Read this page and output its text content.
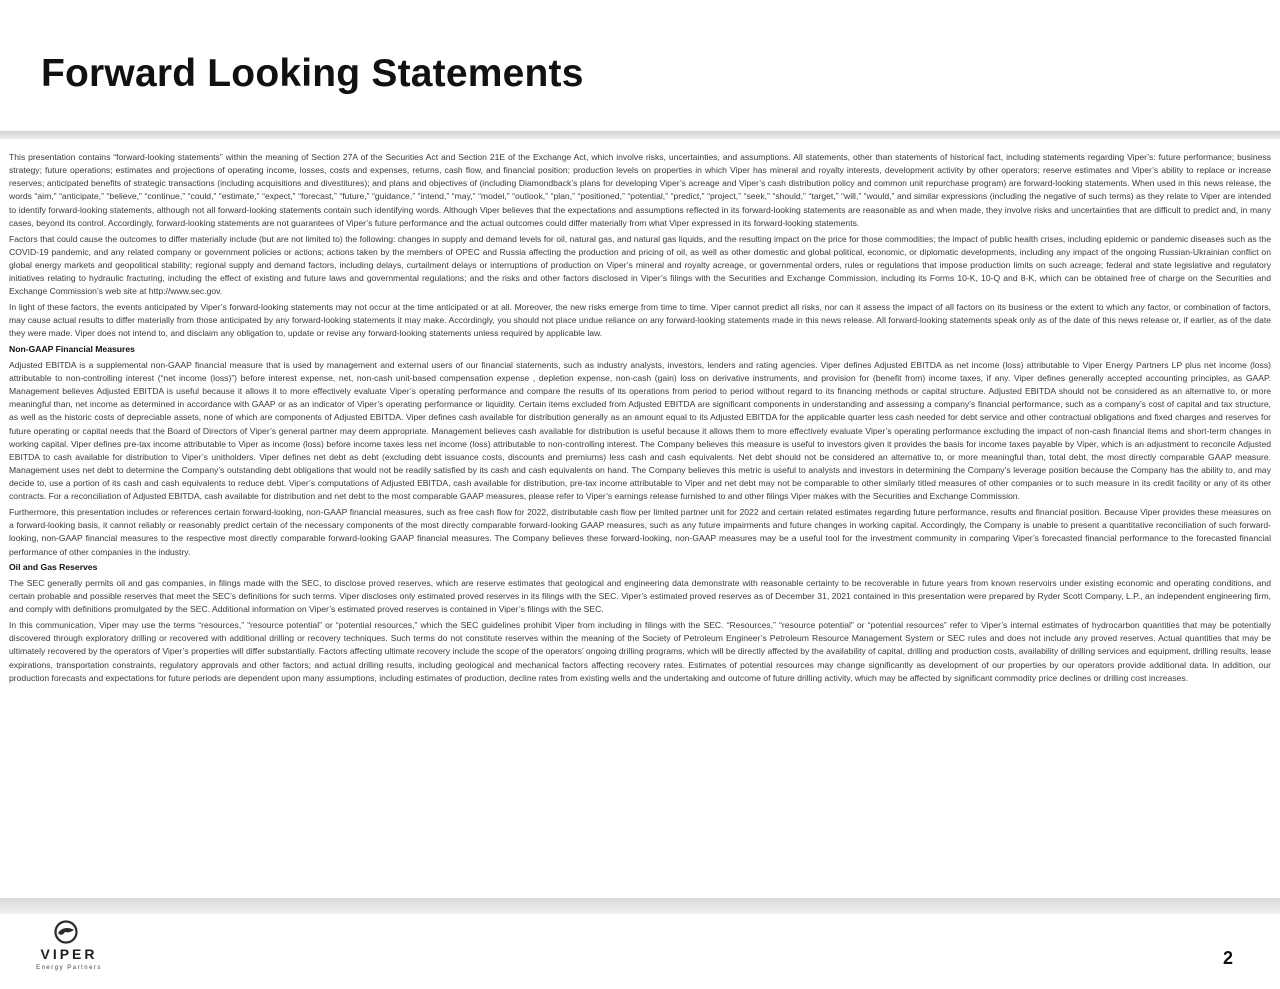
Forward Looking Statements

This presentation contains “forward-looking statements” within the meaning of Section 27A of the Securities Act and Section 21E of the Exchange Act, which involve risks, uncertainties, and assumptions. All statements, other than statements of historical fact, including statements regarding Viper’s: future performance; business strategy; future operations; estimates and projections of operating income, losses, costs and expenses, returns, cash flow, and financial position; production levels on properties in which Viper has mineral and royalty interests, development activity by other operators; reserve estimates and Viper’s ability to replace or increase reserves; anticipated benefits of strategic transactions (including acquisitions and divestitures); and plans and objectives of (including Diamondback’s plans for developing Viper’s acreage and Viper’s cash distribution policy and common unit repurchase program) are forward-looking statements. When used in this news release, the words “aim,” “anticipate,” “believe,” “continue,” “could,” “estimate,” “expect,” “forecast,” “future,” “guidance,” “intend,” “may,” “model,” “outlook,” “plan,” “positioned,” “potential,” “predict,” “project,” “seek,” “should,” “target,” “will,” “would,” and similar expressions (including the negative of such terms) as they relate to Viper are intended to identify forward-looking statements, although not all forward-looking statements contain such identifying words. Although Viper believes that the expectations and assumptions reflected in its forward-looking statements are reasonable as and when made, they involve risks and uncertainties that are difficult to predict and, in many cases, beyond its control. Accordingly, forward-looking statements are not guarantees of Viper’s future performance and the actual outcomes could differ materially from what Viper expressed in its forward-looking statements.

Factors that could cause the outcomes to differ materially include (but are not limited to) the following: changes in supply and demand levels for oil, natural gas, and natural gas liquids, and the resulting impact on the price for those commodities; the impact of public health crises, including epidemic or pandemic diseases such as the COVID-19 pandemic, and any related company or government policies or actions; actions taken by the members of OPEC and Russia affecting the production and pricing of oil, as well as other domestic and global political, economic, or diplomatic developments, including any impact of the ongoing Russian-Ukrainian conflict on global energy markets and geopolitical stability; regional supply and demand factors, including delays, curtailment delays or interruptions of production on Viper’s mineral and royalty acreage, or governmental orders, rules or regulations that impose production limits on such acreage; federal and state legislative and regulatory initiatives relating to hydraulic fracturing, including the effect of existing and future laws and governmental regulations; and the risks and other factors disclosed in Viper’s filings with the Securities and Exchange Commission, including its Forms 10-K, 10-Q and 8-K, which can be obtained free of charge on the Securities and Exchange Commission’s web site at http://www.sec.gov.

In light of these factors, the events anticipated by Viper’s forward-looking statements may not occur at the time anticipated or at all. Moreover, the new risks emerge from time to time. Viper cannot predict all risks, nor can it assess the impact of all factors on its business or the extent to which any factor, or combination of factors, may cause actual results to differ materially from those anticipated by any forward-looking statements it may make. Accordingly, you should not place undue reliance on any forward-looking statements made in this news release. All forward-looking statements speak only as of the date of this news release or, if earlier, as of the date they were made. Viper does not intend to, and disclaim any obligation to, update or revise any forward-looking statements unless required by applicable law.

Non-GAAP Financial Measures

Adjusted EBITDA is a supplemental non-GAAP financial measure that is used by management and external users of our financial statements, such as industry analysts, investors, lenders and rating agencies. Viper defines Adjusted EBITDA as net income (loss) attributable to Viper Energy Partners LP plus net income (loss) attributable to non-controlling interest (“net income (loss)”) before interest expense, net, non-cash unit-based compensation expense , depletion expense, non-cash (gain) loss on derivative instruments, and provision for (benefit from) income taxes, if any. Viper defines generally accepted accounting principles, as GAAP. Management believes Adjusted EBITDA is useful because it allows it to more effectively evaluate Viper’s operating performance and compare the results of its operations from period to period without regard to its financing methods or capital structure. Adjusted EBITDA should not be considered as an alternative to, or more meaningful than, net income as determined in accordance with GAAP or as an indicator of Viper’s operating performance or liquidity. Certain items excluded from Adjusted EBITDA are significant components in understanding and assessing a company’s financial performance, such as a company’s cost of capital and tax structure, as well as the historic costs of depreciable assets, none of which are components of Adjusted EBITDA. Viper defines cash available for distribution generally as an amount equal to its Adjusted EBITDA for the applicable quarter less cash needed for debt service and other contractual obligations and fixed charges and reserves for future operating or capital needs that the Board of Directors of Viper’s general partner may deem appropriate. Management believes cash available for distribution is useful because it allows them to more effectively evaluate Viper’s operating performance excluding the impact of non-cash financial items and short-term changes in working capital. Viper defines pre-tax income attributable to Viper as income (loss) before income taxes less net income (loss) attributable to non-controlling interest. The Company believes this measure is useful to investors given it provides the basis for income taxes payable by Viper, which is an adjustment to reconcile Adjusted EBITDA to cash available for distribution to Viper’s unitholders. Viper defines net debt as debt (excluding debt issuance costs, discounts and premiums) less cash and cash equivalents. Net debt should not be considered an alternative to, or more meaningful than, total debt, the most directly comparable GAAP measure. Management uses net debt to determine the Company’s outstanding debt obligations that would not be readily satisfied by its cash and cash equivalents on hand. The Company believes this metric is useful to analysts and investors in determining the Company’s leverage position because the Company has the ability to, and may decide to, use a portion of its cash and cash equivalents to reduce debt. Viper’s computations of Adjusted EBITDA, cash available for distribution, pre-tax income attributable to Viper and net debt may not be comparable to other similarly titled measures of other companies or to such measure in its credit facility or any of its other contracts. For a reconciliation of Adjusted EBITDA, cash available for distribution and net debt to the most comparable GAAP measures, please refer to Viper’s earnings release furnished to and other filings Viper makes with the Securities and Exchange Commission.

Furthermore, this presentation includes or references certain forward-looking, non-GAAP financial measures, such as free cash flow for 2022, distributable cash flow per limited partner unit for 2022 and certain related estimates regarding future performance, results and financial position. Because Viper provides these measures on a forward-looking basis, it cannot reliably or reasonably predict certain of the necessary components of the most directly comparable forward-looking GAAP measures, such as any future impairments and future changes in working capital. Accordingly, the Company is unable to present a quantitative reconciliation of such forward-looking, non-GAAP financial measures to the respective most directly comparable forward-looking GAAP financial measures. The Company believes these forward-looking, non-GAAP measures may be a useful tool for the investment community in comparing Viper’s forecasted financial performance to the forecasted financial performance of other companies in the industry.

Oil and Gas Reserves

The SEC generally permits oil and gas companies, in filings made with the SEC, to disclose proved reserves, which are reserve estimates that geological and engineering data demonstrate with reasonable certainty to be recoverable in future years from known reservoirs under existing economic and operating conditions, and certain probable and possible reserves that meet the SEC’s definitions for such terms. Viper discloses only estimated proved reserves in its filings with the SEC. Viper’s estimated proved reserves as of December 31, 2021 contained in this presentation were prepared by Ryder Scott Company, L.P., an independent engineering firm, and comply with definitions promulgated by the SEC. Additional information on Viper’s estimated proved reserves is contained in Viper’s filings with the SEC.

In this communication, Viper may use the terms “resources,” “resource potential” or “potential resources,” which the SEC guidelines prohibit Viper from including in filings with the SEC. “Resources,” “resource potential” or “potential resources” refer to Viper’s internal estimates of hydrocarbon quantities that may be potentially discovered through exploratory drilling or recovered with additional drilling or recovery techniques. Such terms do not constitute reserves within the meaning of the Society of Petroleum Engineer’s Petroleum Resource Management System or SEC rules and does not include any proved reserves. Actual quantities that may be ultimately recovered by the operators of Viper’s properties will differ substantially. Factors affecting ultimate recovery include the scope of the operators’ ongoing drilling programs, which will be directly affected by the availability of capital, drilling and production costs, availability of drilling services and equipment, drilling results, lease expirations, transportation constraints, regulatory approvals and other factors; and actual drilling results, including geological and mechanical factors affecting recovery rates. Estimates of potential resources may change significantly as development of our properties by our operators provide additional data. In addition, our production forecasts and expectations for future periods are dependent upon many assumptions, including estimates of production, decline rates from existing wells and the undertaking and outcome of future drilling activity, which may be affected by significant commodity price declines or drilling cost increases.

VIPER
Energy Partners	2
